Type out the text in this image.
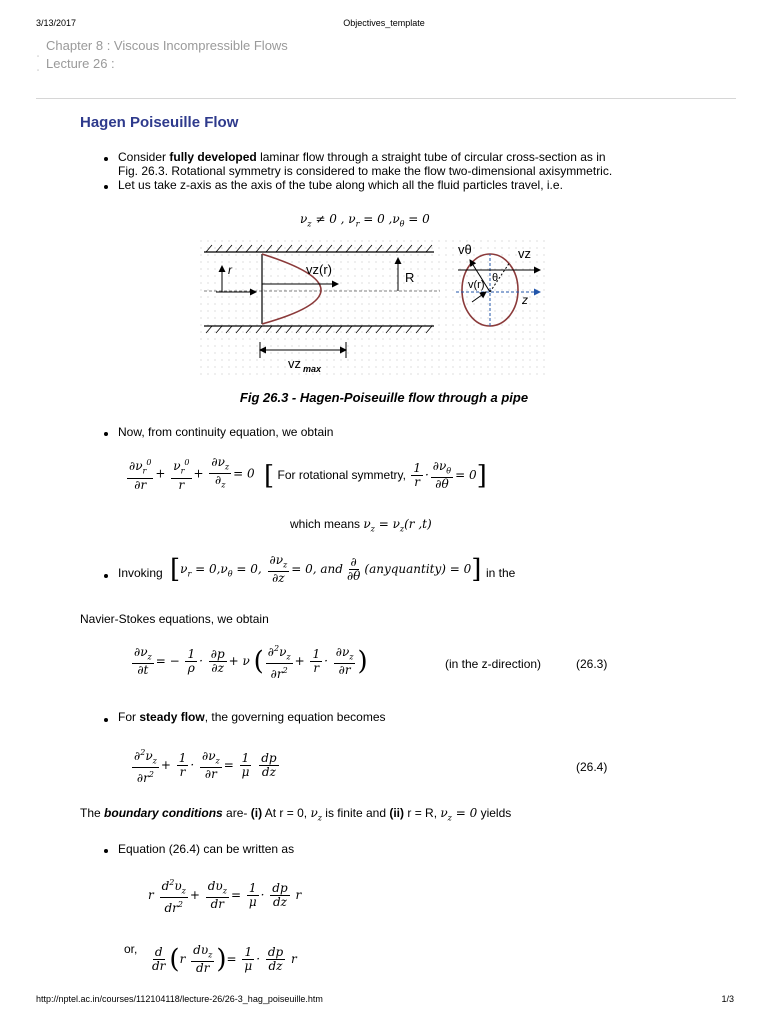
3/13/2017	Objectives_template
Chapter 8 : Viscous Incompressible Flows
▫ Lecture 26 :
▫
Hagen Poiseuille Flow
Consider fully developed laminar flow through a straight tube of circular cross-section as in
Fig. 26.3. Rotational symmetry is considered to make the flow two-dimensional axisymmetric.
Let us take z-axis as the axis of the tube along which all the fluid particles travel, i.e.
$\nu_z \ne 0$ , $\nu_r = 0$ $,\nu_\theta = 0$
r	vz(r)
R
vz max
vθ	vz
θ
v(r)
z
Fig 26.3 - Hagen-Poiseuille flow through a pipe
Now, from continuity equation, we obtain
$\frac{\partial\nu_r^0}{\partial r} + \frac{\nu_r^0}{r} + \frac{\partial\nu_z}{\partial_z} = 0$ [ For rotational symmetry, $\frac{1}{r} \cdot \frac{\partial\nu_\theta}{\partial\theta} = 0$]
which means $\nu_z = \nu_z(r$ ,t)
Invoking [$\nu_r = 0,\nu_\theta = 0$, $\frac{\partial\nu_z}{\partial z} = 0$, and $\frac{\partial}{\partial\theta}$ (anyquantity) = 0] in the
Navier-Stokes equations, we obtain
$\frac{\partial\nu_z}{\partial t}$ = − $\frac{1}{\rho} \cdot \frac{\partial p}{\partial z} + \nu$ ( $\frac{\partial^2\nu_z}{\partial r^2} + \frac{1}{r} \cdot \frac{\partial\nu_z}{\partial r}$ )	(in the z-direction)	(26.3)
For steady flow, the governing equation becomes
$\frac{\partial^2\nu_z}{\partial r^2} + \frac{1}{r} \cdot \frac{\partial\nu_z}{\partial r} = \frac{1}{\mu}$
$\frac{dp}{dz}$	(26.4)
The boundary conditions are- (i) At r = 0, $\nu_z$ is finite and (ii) r = R, $\nu_z = 0$ yields
Equation (26.4) can be written as
r $\frac{d^2\upsilon_z}{dr^2} + \frac{d\upsilon_z}{dr} = \frac{1}{\mu} \cdot \frac{dp}{dz}$ r
or, $\frac{d}{dr} (r \frac{d\upsilon_z}{dr}$ )= $\frac{1}{\mu} \cdot \frac{dp}{dz}$ r
http://nptel.ac.in/courses/112104118/lecture-26/26-3_hag_poiseuille.htm	1/3
